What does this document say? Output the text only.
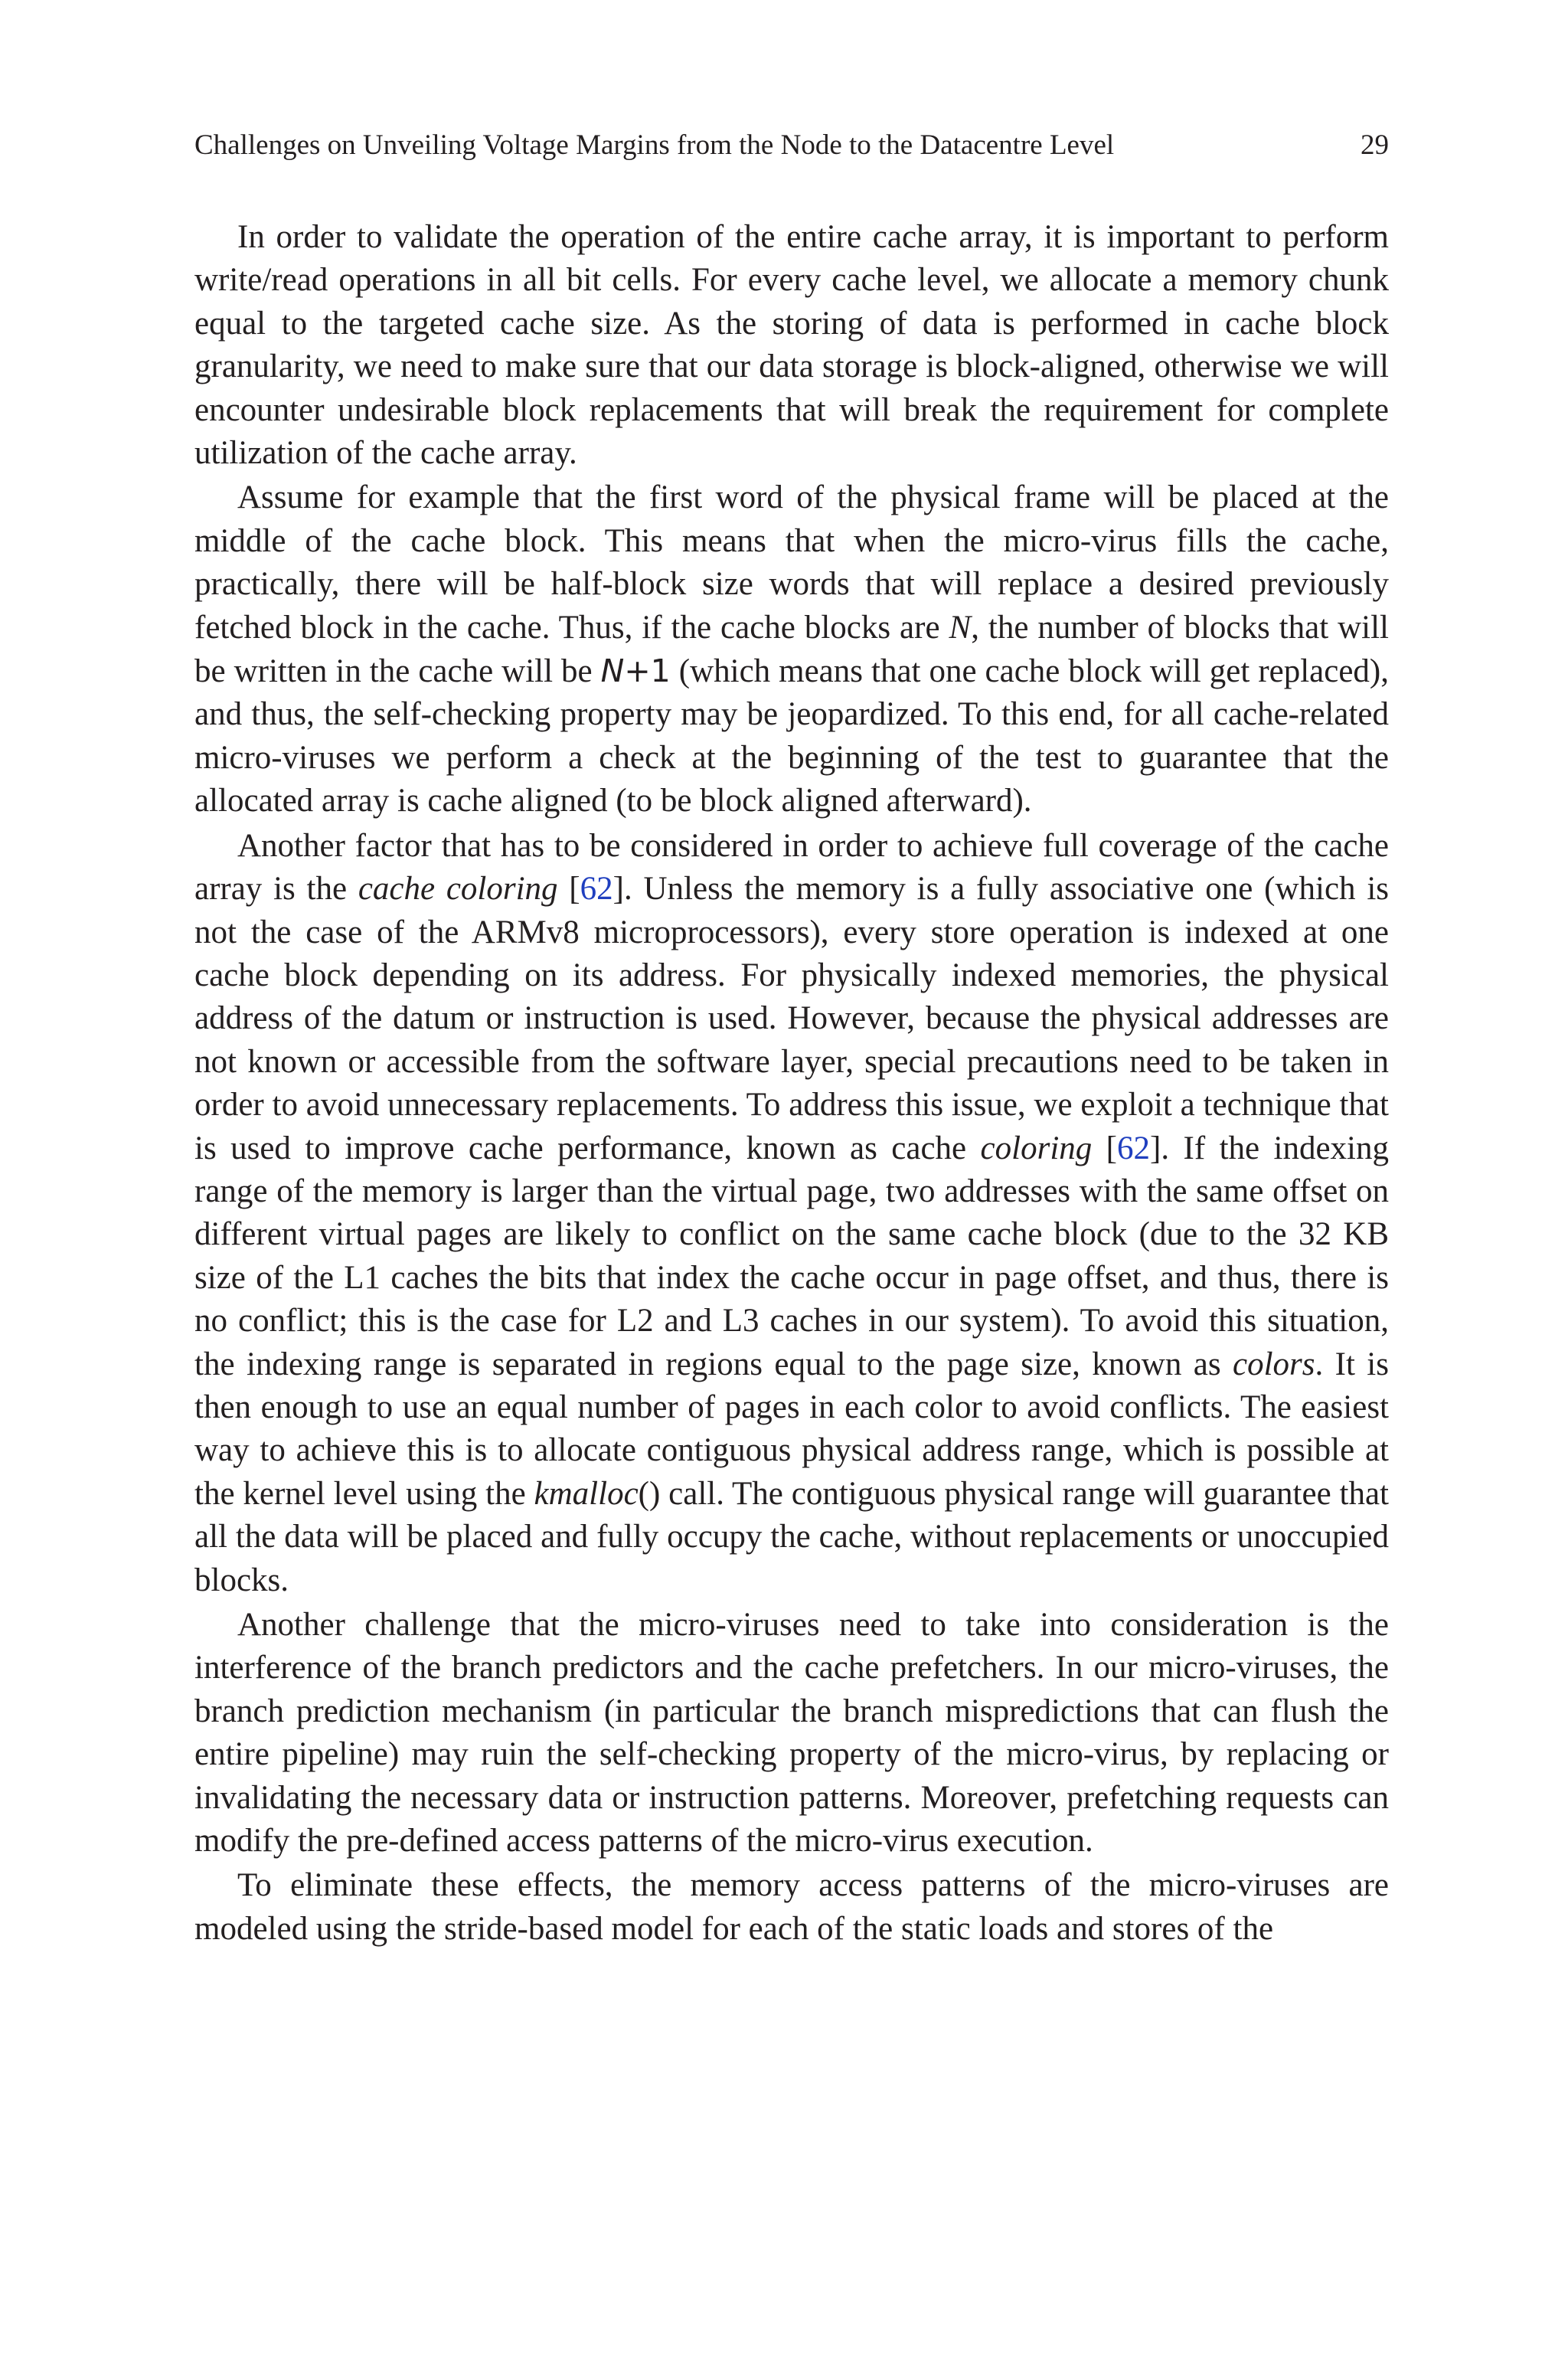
Challenges on Unveiling Voltage Margins from the Node to the Datacentre Level	29

In order to validate the operation of the entire cache array, it is important to perform write/read operations in all bit cells. For every cache level, we allocate a memory chunk equal to the targeted cache size. As the storing of data is performed in cache block granularity, we need to make sure that our data storage is block-aligned, otherwise we will encounter undesirable block replacements that will break the requirement for complete utilization of the cache array.

Assume for example that the first word of the physical frame will be placed at the middle of the cache block. This means that when the micro-virus fills the cache, practically, there will be half-block size words that will replace a desired previously fetched block in the cache. Thus, if the cache blocks are N, the number of blocks that will be written in the cache will be N+1 (which means that one cache block will get replaced), and thus, the self-checking property may be jeopardized. To this end, for all cache-related micro-viruses we perform a check at the beginning of the test to guarantee that the allocated array is cache aligned (to be block aligned afterward).

Another factor that has to be considered in order to achieve full coverage of the cache array is the cache coloring [62]. Unless the memory is a fully associative one (which is not the case of the ARMv8 microprocessors), every store operation is indexed at one cache block depending on its address. For physically indexed memories, the physical address of the datum or instruction is used. However, because the physical addresses are not known or accessible from the software layer, special precautions need to be taken in order to avoid unnecessary replacements. To address this issue, we exploit a technique that is used to improve cache performance, known as cache coloring [62]. If the indexing range of the memory is larger than the virtual page, two addresses with the same offset on different virtual pages are likely to conflict on the same cache block (due to the 32 KB size of the L1 caches the bits that index the cache occur in page offset, and thus, there is no conflict; this is the case for L2 and L3 caches in our system). To avoid this situation, the indexing range is separated in regions equal to the page size, known as colors. It is then enough to use an equal number of pages in each color to avoid conflicts. The easiest way to achieve this is to allocate contiguous physical address range, which is possible at the kernel level using the kmalloc() call. The contiguous physical range will guarantee that all the data will be placed and fully occupy the cache, without replacements or unoccupied blocks.

Another challenge that the micro-viruses need to take into consideration is the interference of the branch predictors and the cache prefetchers. In our micro-viruses, the branch prediction mechanism (in particular the branch mispredictions that can flush the entire pipeline) may ruin the self-checking property of the micro-virus, by replacing or invalidating the necessary data or instruction patterns. Moreover, prefetching requests can modify the pre-defined access patterns of the micro-virus execution.

To eliminate these effects, the memory access patterns of the micro-viruses are modeled using the stride-based model for each of the static loads and stores of the
